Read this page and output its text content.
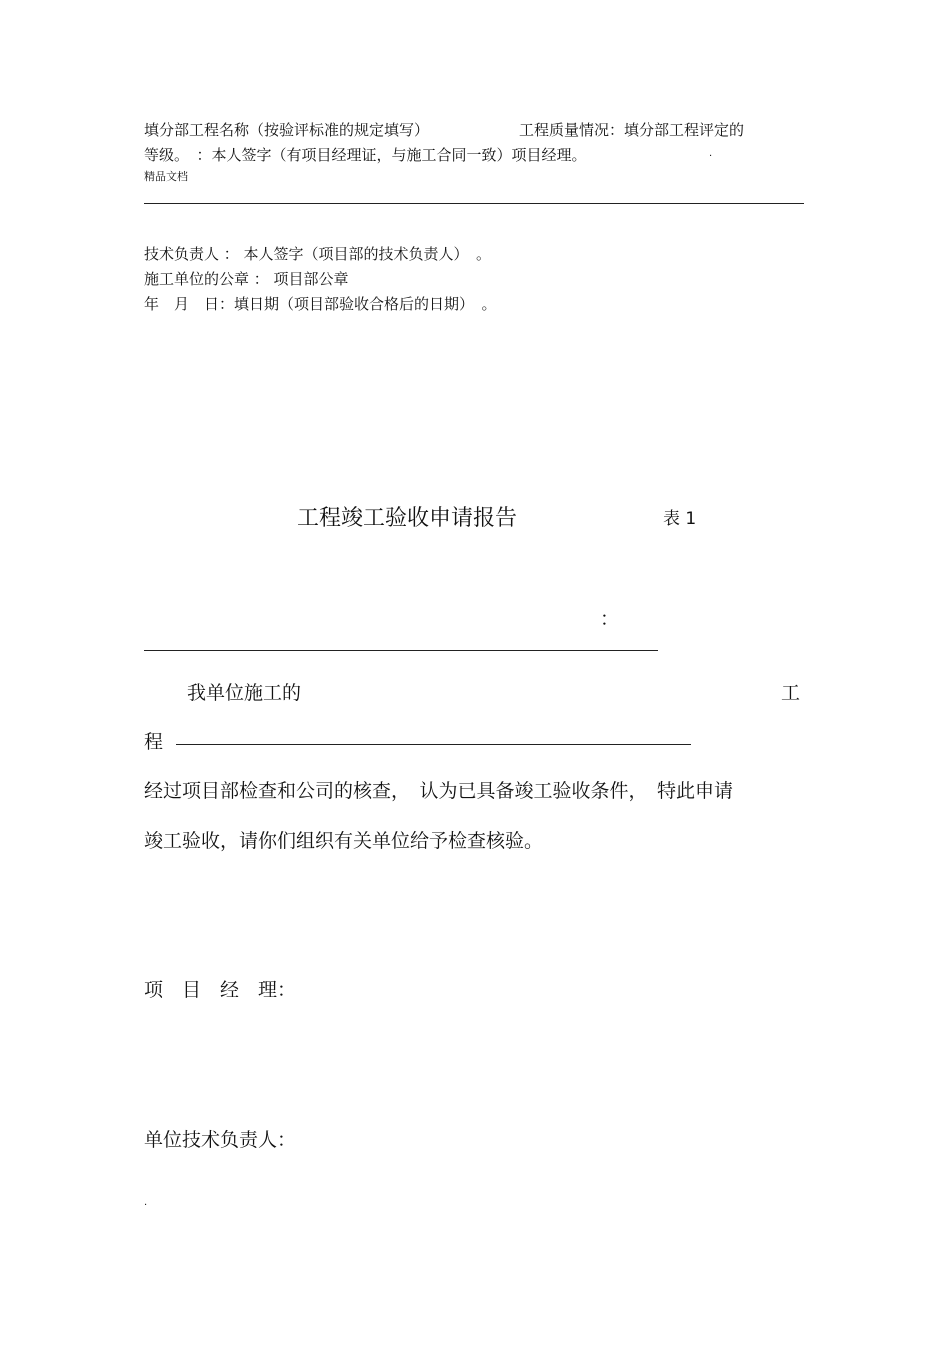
填分部工程名称（按验评标准的规定填写）	工程质量情况：填分部工程评定的
等级。　：本人签字（有项目经理证，与施工合同一致）项目经理。	.
精品文档
技术负责人 ： 本人签字（项目部的技术负责人）　。
施工单位的公章 ： 项目部公章
年　月　日：填日期（项目部验收合格后的日期）　。
工程竣工验收申请报告	表 1
：
我单位施工的	工
程
经过项目部检查和公司的核查，　认为已具备竣工验收条件，　特此申请
竣工验收，请你们组织有关单位给予检查核验。
项　目　经　理：
单位技术负责人：
.
